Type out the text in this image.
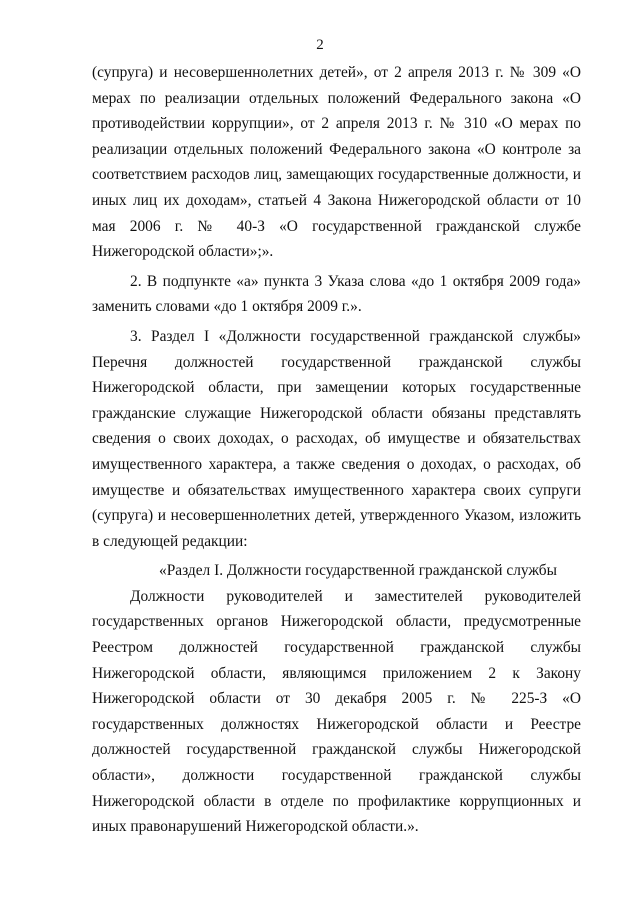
2

(супруга) и несовершеннолетних детей», от 2 апреля 2013 г. № 309 «О мерах по реализации отдельных положений Федерального закона «О противодействии коррупции», от 2 апреля 2013 г. № 310 «О мерах по реализации отдельных положений Федерального закона «О контроле за соответствием расходов лиц, замещающих государственные должности, и иных лиц их доходам», статьей 4 Закона Нижегородской области от 10 мая 2006 г. № 40-З «О государственной гражданской службе Нижегородской области»;».

2. В подпункте «а» пункта 3 Указа слова «до 1 октября 2009 года» заменить словами «до 1 октября 2009 г.».

3. Раздел I «Должности государственной гражданской службы» Перечня должностей государственной гражданской службы Нижегородской области, при замещении которых государственные гражданские служащие Нижегородской области обязаны представлять сведения о своих доходах, о расходах, об имуществе и обязательствах имущественного характера, а также сведения о доходах, о расходах, об имуществе и обязательствах имущественного характера своих супруги (супруга) и несовершеннолетних детей, утвержденного Указом, изложить в следующей редакции:

«Раздел I. Должности государственной гражданской службы

Должности руководителей и заместителей руководителей государственных органов Нижегородской области, предусмотренные Реестром должностей государственной гражданской службы Нижегородской области, являющимся приложением 2 к Закону Нижегородской области от 30 декабря 2005 г. № 225-З «О государственных должностях Нижегородской области и Реестре должностей государственной гражданской службы Нижегородской области», должности государственной гражданской службы Нижегородской области в отделе по профилактике коррупционных и иных правонарушений Нижегородской области.».
